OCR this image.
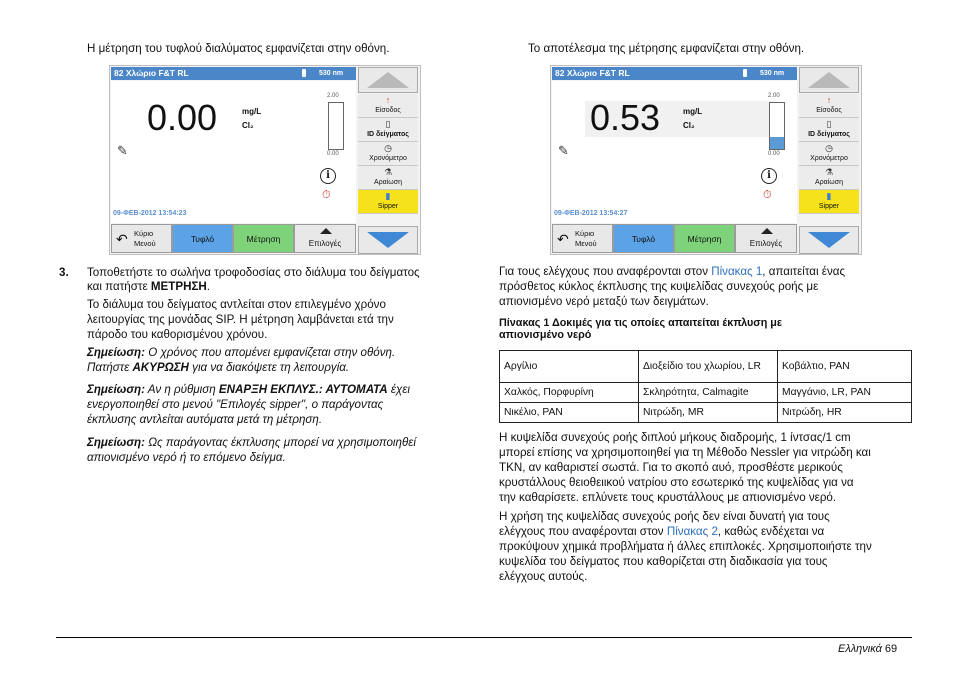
Η μέτρηση του τυφλού διαλύματος εμφανίζεται στην οθόνη.
82 Χλώριο F&T RL	530 nm
0.00	mg/L
Cl₂
✎
2.00
0.00
i
⏱
09-ΦΕΒ-2012 13:54:23
↑
Είσοδος
▯
ID δείγματος
◷
Χρονόμετρο
⚗
Αραίωση
▮
Sipper
↶ Κύριο
Μενού	Τυφλό	Μέτρηση	Επιλογές
3. Τοποθετήστε το σωλήνα τροφοδοσίας στο διάλυμα του δείγματος
και πατήστε ΜΕΤΡΗΣΗ.
Το διάλυμα του δείγματος αντλείται στον επιλεγμένο χρόνο
λειτουργίας της μονάδας SIP. Η μέτρηση λαμβάνεται ετά την
πάροδο του καθορισμένου χρόνου.
Σημείωση: Ο χρόνος που απομένει εμφανίζεται στην οθόνη.
Πατήστε ΑΚΥΡΩΣΗ για να διακόψετε τη λειτουργία.
Σημείωση: Αν η ρύθμιση ΕΝΑΡΞΗ ΕΚΠΛΥΣ.: ΑΥΤΟΜΑΤΑ έχει
ενεργοποιηθεί στο μενού "Επιλογές sipper", ο παράγοντας
έκπλυσης αντλείται αυτόματα μετά τη μέτρηση.
Σημείωση: Ως παράγοντας έκπλυσης μπορεί να χρησιμοποιηθεί
απιονισμένο νερό ή το επόμενο δείγμα.
Το αποτέλεσμα της μέτρησης εμφανίζεται στην οθόνη.
82 Χλώριο F&T RL	530 nm
0.53	mg/L
Cl₂
✎
2.00
0.00
i
⏱
09-ΦΕΒ-2012 13:54:27
↑
Είσοδος
▯
ID δείγματος
◷
Χρονόμετρο
⚗
Αραίωση
▮
Sipper
↶ Κύριο
Μενού	Τυφλό	Μέτρηση	Επιλογές
Για τους ελέγχους που αναφέρονται στον Πίνακας 1, απαιτείται ένας
πρόσθετος κύκλος έκπλυσης της κυψελίδας συνεχούς ροής με
απιονισμένο νερό μεταξύ των δειγμάτων.
Πίνακας 1 Δοκιμές για τις οποίες απαιτείται έκπλυση με
απιονισμένο νερό
Αργίλιο	Διοξείδιο του χλωρίου, LR	Κοβάλτιο, PAN
Χαλκός, Πορφυρίνη	Σκληρότητα, Calmagite	Μαγγάνιο, LR, PAN
Νικέλιο, PAN	Νιτρώδη, MR	Νιτρώδη, HR
Η κυψελίδα συνεχούς ροής διπλού μήκους διαδρομής, 1 ίντσας/1 cm
μπορεί επίσης να χρησιμοποιηθεί για τη Μέθοδο Nessler για νιτρώδη και
TKN, αν καθαριστεί σωστά. Για το σκοπό αυό, προσθέστε μερικούς
κρυστάλλους θειοθειικού νατρίου στο εσωτερικό της κυψελίδας για να
την καθαρίσετε. επλύνετε τους κρυστάλλους με απιονισμένο νερό.
Η χρήση της κυψελίδας συνεχούς ροής δεν είναι δυνατή για τους
ελέγχους που αναφέρονται στον Πίνακας 2, καθώς ενδέχεται να
προκύψουν χημικά προβλήματα ή άλλες επιπλοκές. Χρησιμοποιήστε την
κυψελίδα του δείγματος που καθορίζεται στη διαδικασία για τους
ελέγχους αυτούς.
Ελληνικά 69
